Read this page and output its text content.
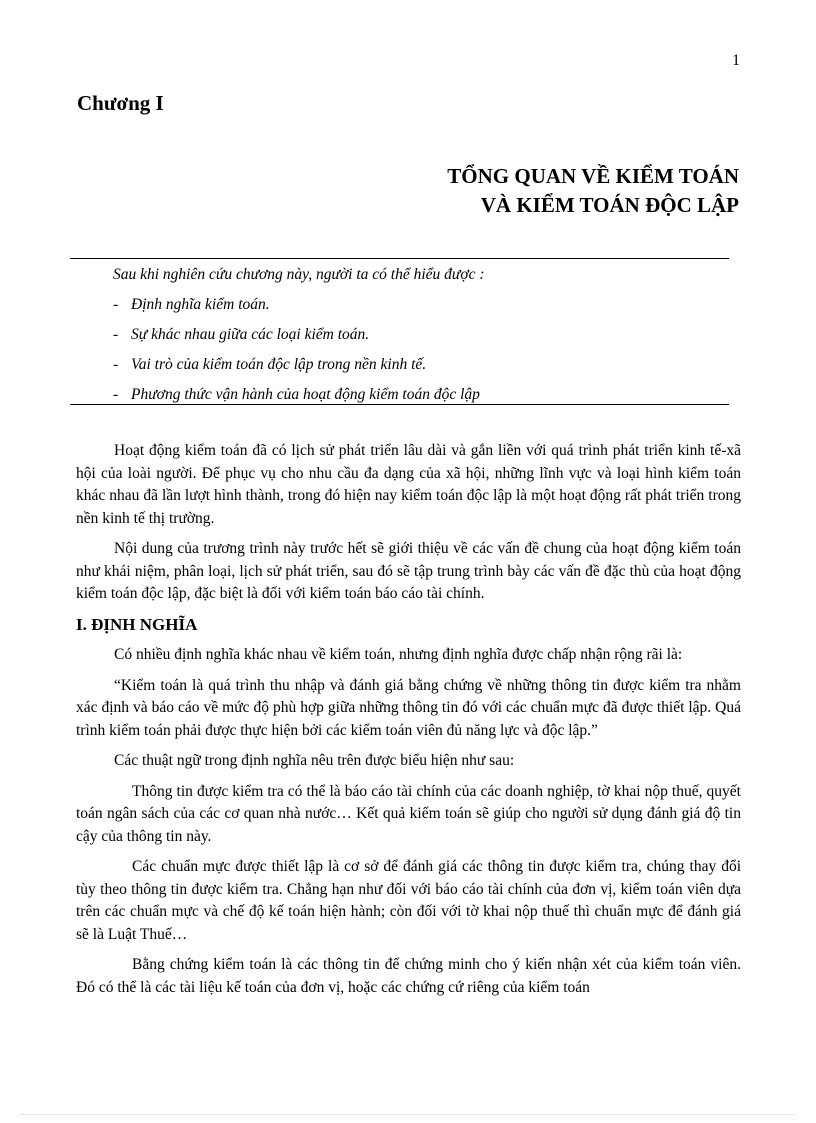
1
Chương I
TỔNG QUAN VỀ KIỂM TOÁN
VÀ KIỂM TOÁN ĐỘC LẬP

Sau khi nghiên cứu chương này, người ta có thể hiểu được :

- Định nghĩa kiểm toán.

- Sự khác nhau giữa các loại kiểm toán.

- Vai trò của kiểm toán độc lập trong nền kinh tế.

- Phương thức vận hành của hoạt động kiểm toán độc lập

Hoạt động kiểm toán đã có lịch sử phát triển lâu dài và gắn liền với quá trình phát triển kinh tế-xã hội của loài người. Để phục vụ cho nhu cầu đa dạng của xã hội, những lĩnh vực và loại hình kiểm toán khác nhau đã lần lượt hình thành, trong đó hiện nay kiểm toán độc lập là một hoạt động rất phát triển trong nền kinh tế thị trường.

Nội dung của trương trình này trước hết sẽ giới thiệu về các vấn đề chung của hoạt động kiểm toán như khái niệm, phân loại, lịch sử phát triển, sau đó sẽ tập trung trình bày các vấn đề đặc thù của hoạt động kiểm toán độc lập, đặc biệt là đối với kiểm toán báo cáo tài chính.

I. ĐỊNH NGHĨA

Có nhiều định nghĩa khác nhau về kiểm toán, nhưng định nghĩa được chấp nhận rộng rãi là:

“Kiểm toán là quá trình thu nhập và đánh giá bằng chứng về những thông tin được kiểm tra nhằm xác định và báo cáo về mức độ phù hợp giữa những thông tin đó với các chuẩn mực đã được thiết lập. Quá trình kiểm toán phải được thực hiện bởi các kiểm toán viên đủ năng lực và độc lập.”

Các thuật ngữ trong định nghĩa nêu trên được biểu hiện như sau:

Thông tin được kiểm tra có thể là báo cáo tài chính của các doanh nghiệp, tờ khai nộp thuế, quyết toán ngân sách của các cơ quan nhà nước… Kết quả kiểm toán sẽ giúp cho người sử dụng đánh giá độ tin cậy của thông tin này.

Các chuẩn mực được thiết lập là cơ sở để đánh giá các thông tin được kiểm tra, chúng thay đổi tùy theo thông tin được kiểm tra. Chẳng hạn như đối với báo cáo tài chính của đơn vị, kiểm toán viên dựa trên các chuẩn mực và chế độ kế toán hiện hành; còn đối với tờ khai nộp thuế thì chuẩn mực để đánh giá sẽ là Luật Thuế…

Bằng chứng kiểm toán là các thông tin để chứng minh cho ý kiến nhận xét của kiểm toán viên. Đó có thể là các tài liệu kế toán của đơn vị, hoặc các chứng cứ riêng của kiểm toán
